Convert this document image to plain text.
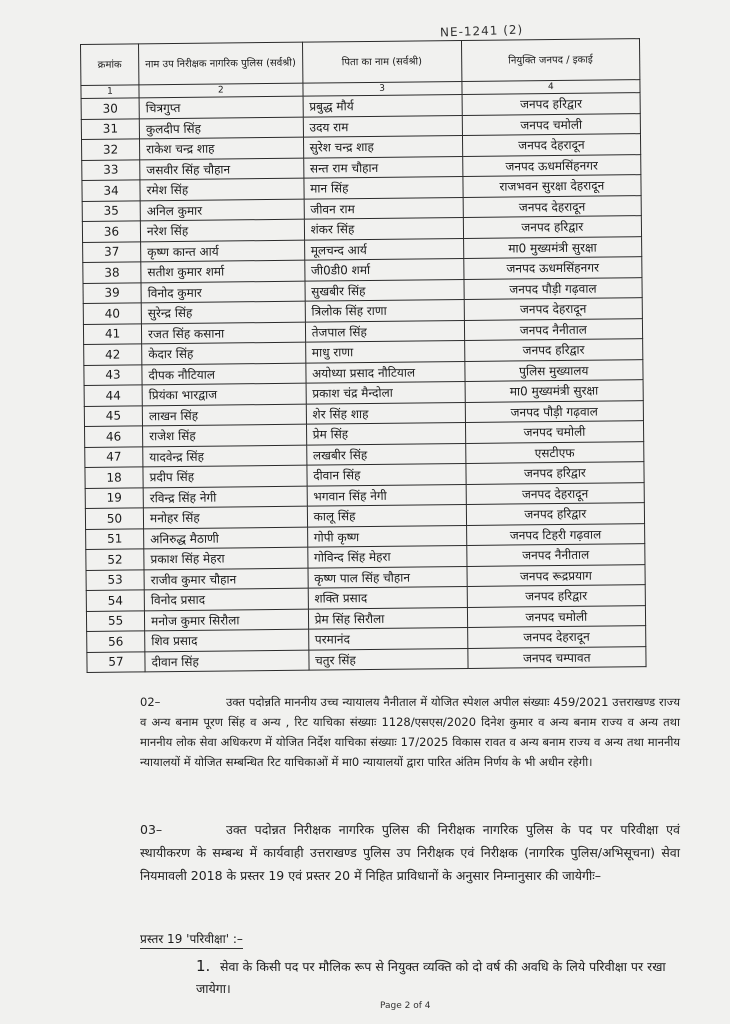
NE-1241 (2)
क्रमांक	नाम उप निरीक्षक नागरिक पुलिस (सर्वश्री)	पिता का नाम (सर्वश्री)	नियुक्ति जनपद / इकाई
1	2	3	4
30	चित्रगुप्त	प्रबुद्ध मौर्य	जनपद हरिद्वार
31	कुलदीप सिंह	उदय राम	जनपद चमोली
32	राकेश चन्द्र शाह	सुरेश चन्द्र शाह	जनपद देहरादून
33	जसवीर सिंह चौहान	सन्त राम चौहान	जनपद ऊधमसिंहनगर
34	रमेश सिंह	मान सिंह	राजभवन सुरक्षा देहरादून
35	अनिल कुमार	जीवन राम	जनपद देहरादून
36	नरेश सिंह	शंकर सिंह	जनपद हरिद्वार
37	कृष्ण कान्त आर्य	मूलचन्द आर्य	मा0 मुख्यमंत्री सुरक्षा
38	सतीश कुमार शर्मा	जी0डी0 शर्मा	जनपद ऊधमसिंहनगर
39	विनोद कुमार	सुखबीर सिंह	जनपद पौड़ी गढ़वाल
40	सुरेन्द्र सिंह	त्रिलोक सिंह राणा	जनपद देहरादून
41	रजत सिंह कसाना	तेजपाल सिंह	जनपद नैनीताल
42	केदार सिंह	माधु राणा	जनपद हरिद्वार
43	दीपक नौटियाल	अयोध्या प्रसाद नौटियाल	पुलिस मुख्यालय
44	प्रियंका भारद्वाज	प्रकाश चंद्र मैन्दोला	मा0 मुख्यमंत्री सुरक्षा
45	लाखन सिंह	शेर सिंह शाह	जनपद पौड़ी गढ़वाल
46	राजेश सिंह	प्रेम सिंह	जनपद चमोली
47	यादवेन्द्र सिंह	लखबीर सिंह	एसटीएफ
18	प्रदीप सिंह	दीवान सिंह	जनपद हरिद्वार
19	रविन्द्र सिंह नेगी	भगवान सिंह नेगी	जनपद देहरादून
50	मनोहर सिंह	कालू सिंह	जनपद हरिद्वार
51	अनिरुद्ध मैठाणी	गोपी कृष्ण	जनपद टिहरी गढ़वाल
52	प्रकाश सिंह मेहरा	गोविन्द सिंह मेहरा	जनपद नैनीताल
53	राजीव कुमार चौहान	कृष्ण पाल सिंह चौहान	जनपद रूद्रप्रयाग
54	विनोद प्रसाद	शक्ति प्रसाद	जनपद हरिद्वार
55	मनोज कुमार सिरौला	प्रेम सिंह सिरौला	जनपद चमोली
56	शिव प्रसाद	परमानंद	जनपद देहरादून
57	दीवान सिंह	चतुर सिंह	जनपद चम्पावत
02–	उक्त पदोन्नति माननीय उच्च न्यायालय नैनीताल में योजित स्पेशल अपील संख्याः 459/2021 उत्तराखण्ड राज्य व अन्य बनाम पूरण सिंह व अन्य , रिट याचिका संख्याः 1128/एसएस/2020 दिनेश कुमार व अन्य बनाम राज्य व अन्य तथा माननीय लोक सेवा अधिकरण में योजित निर्देश याचिका संख्याः 17/2025 विकास रावत व अन्य बनाम राज्य व अन्य तथा माननीय न्यायालयों में योजित सम्बन्धित रिट याचिकाओं में मा0 न्यायालयों द्वारा पारित अंतिम निर्णय के भी अधीन रहेगी।
03–	उक्त पदोन्नत निरीक्षक नागरिक पुलिस की निरीक्षक नागरिक पुलिस के पद पर परिवीक्षा एवं स्थायीकरण के सम्बन्ध में कार्यवाही उत्तराखण्ड पुलिस उप निरीक्षक एवं निरीक्षक (नागरिक पुलिस/अभिसूचना) सेवा नियमावली 2018 के प्रस्तर 19 एवं प्रस्तर 20 में निहित प्राविधानों के अनुसार निम्नानुसार की जायेगीः–
प्रस्तर 19 'परिवीक्षा' :–
1. सेवा के किसी पद पर मौलिक रूप से नियुक्त व्यक्ति को दो वर्ष की अवधि के लिये परिवीक्षा पर रखा जायेगा।
Page 2 of 4
